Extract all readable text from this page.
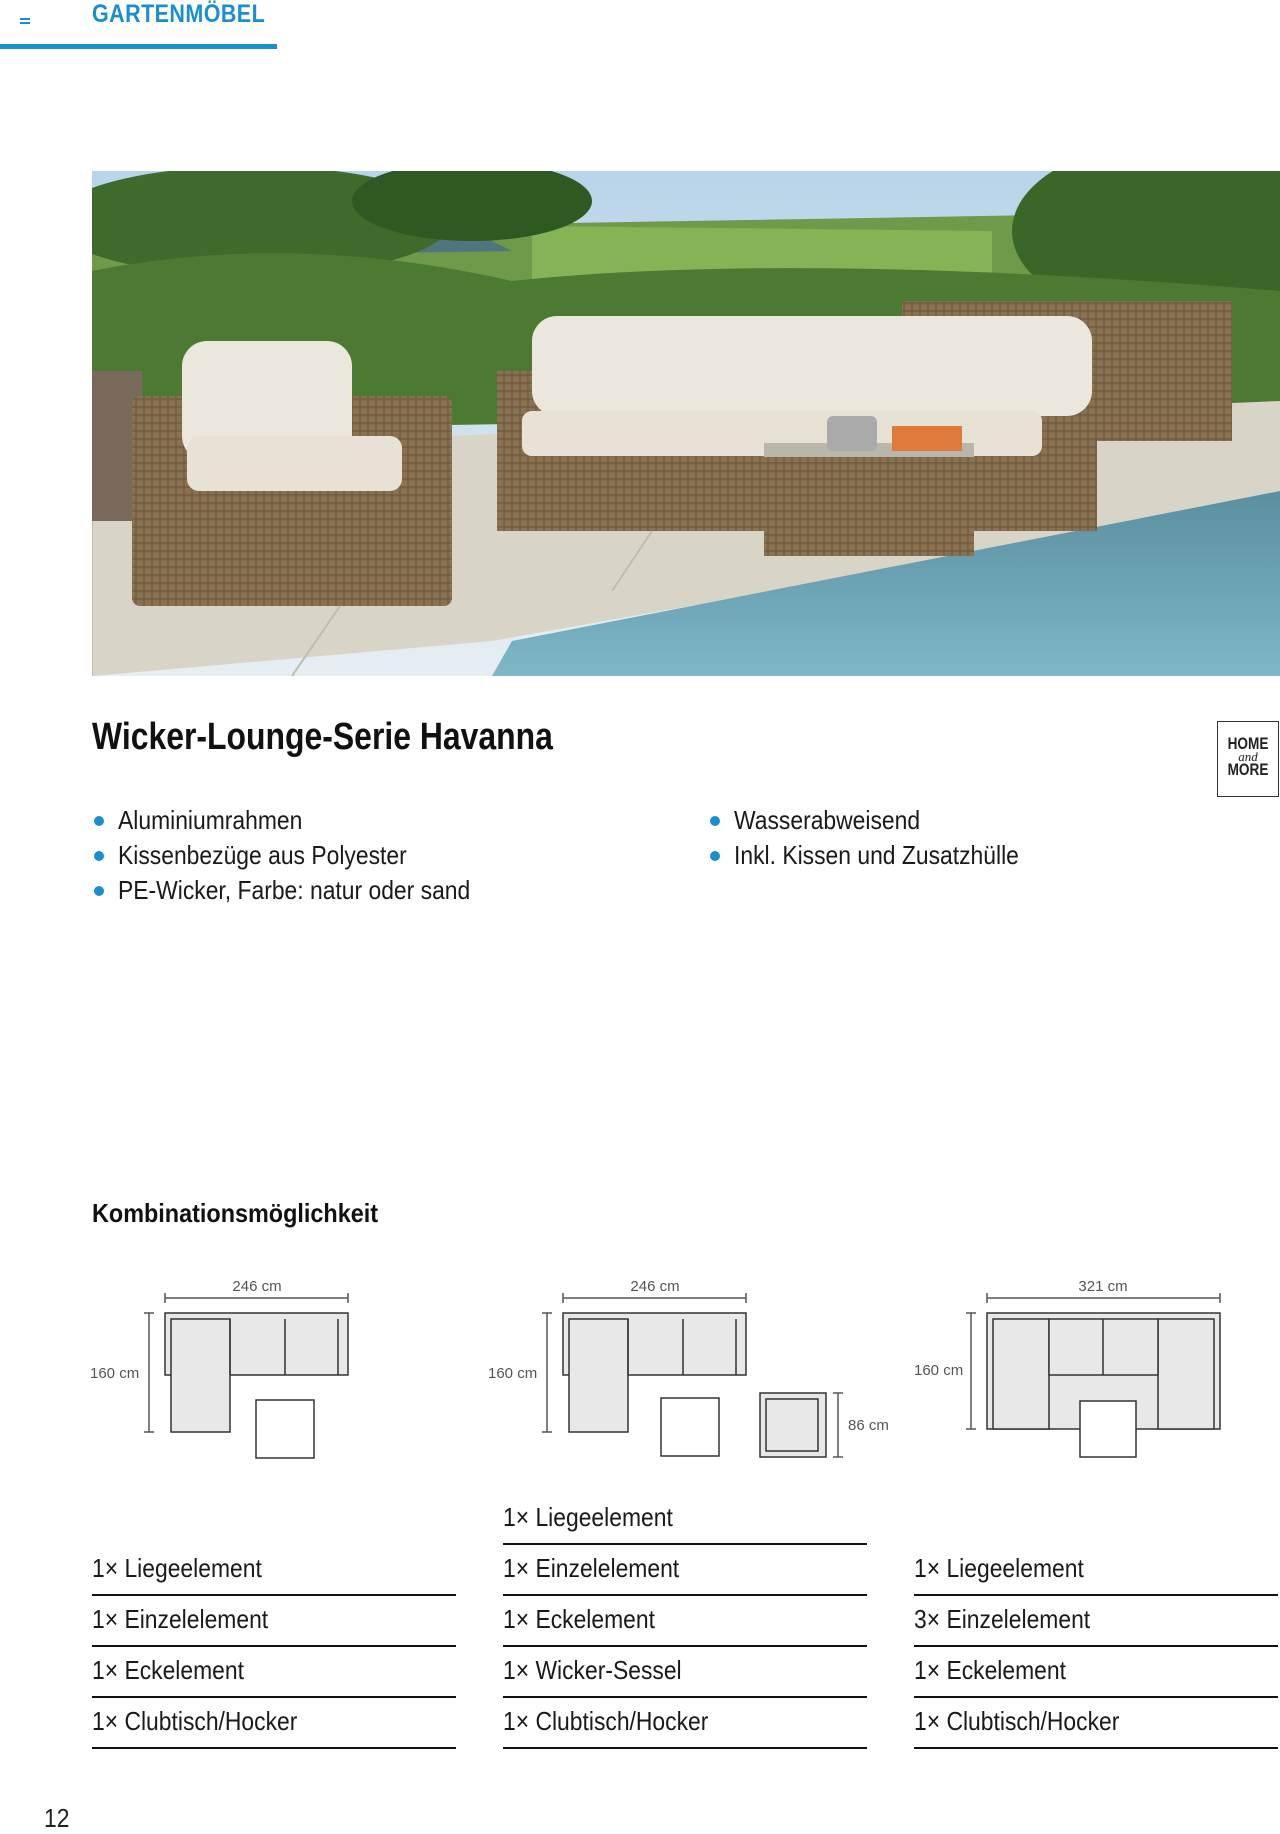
GARTENMÖBEL
Wicker-Lounge-Serie Havanna	HOME
and
MORE
Aluminiumrahmen
Kissenbezüge aus Polyester
PE-Wicker, Farbe: natur oder sand
Wasserabweisend
Inkl. Kissen und Zusatzhülle
Kombinationsmöglichkeit
246 cm
160 cm
246 cm
160 cm
86 cm
321 cm
160 cm
1× Liegeelement
1× Einzelelement
1× Eckelement
1× Clubtisch/Hocker
1× Liegeelement
1× Einzelelement
1× Eckelement
1× Wicker-Sessel
1× Clubtisch/Hocker
1× Liegeelement
3× Einzelelement
1× Eckelement
1× Clubtisch/Hocker
12
